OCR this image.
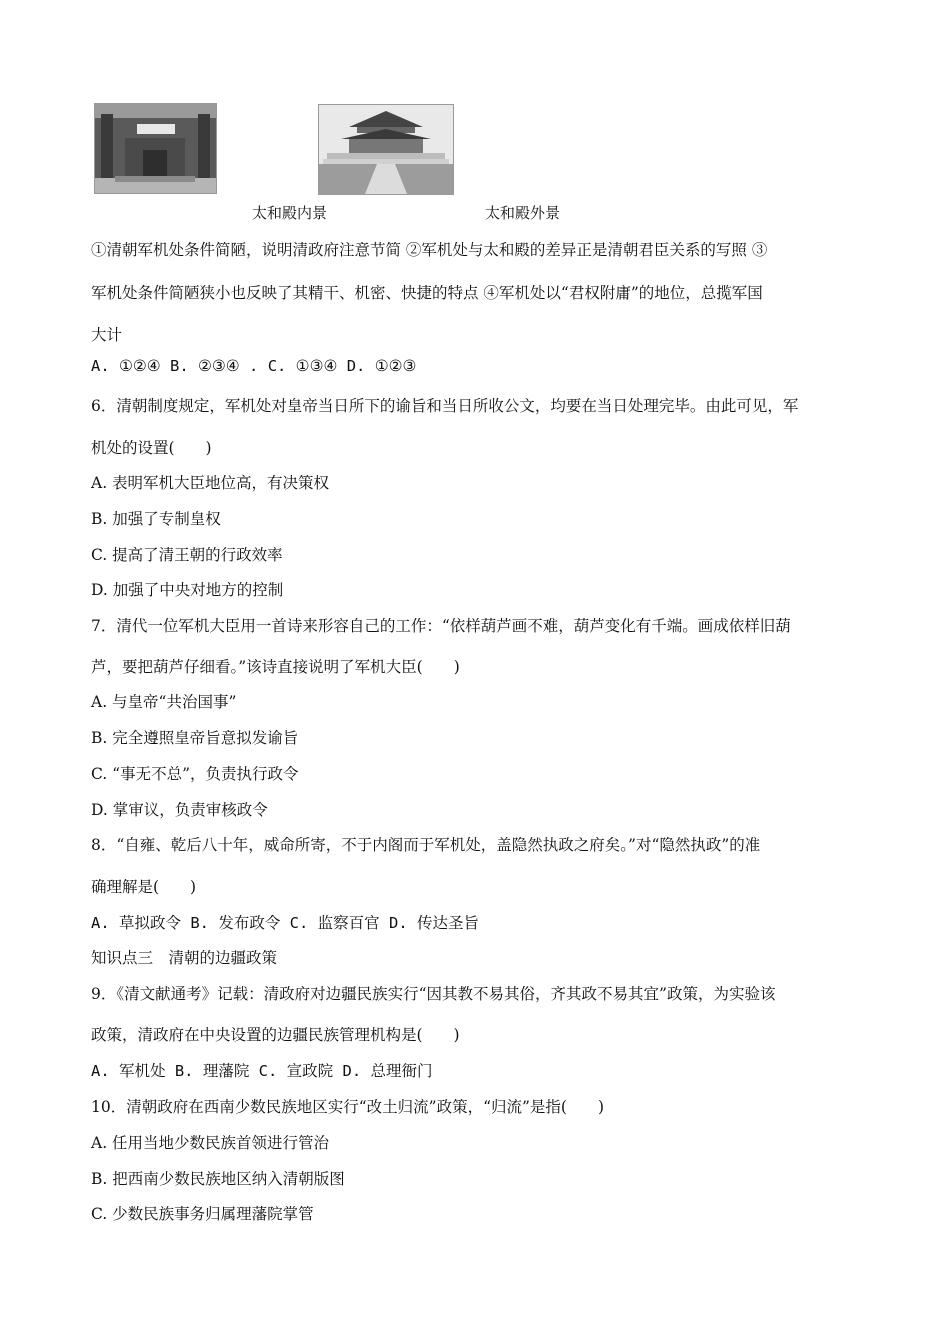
太和殿内景	太和殿外景
①清朝军机处条件简陋，说明清政府注意节简 ②军机处与太和殿的差异正是清朝君臣关系的写照 ③
军机处条件简陋狭小也反映了其精干、机密、快捷的特点 ④军机处以“君权附庸”的地位，总揽军国
大计
A. ①②④ B. ②③④ . C. ①③④ D. ①②③
6．清朝制度规定，军机处对皇帝当日所下的谕旨和当日所收公文，均要在当日处理完毕。由此可见，军
机处的设置(　　)
A. 表明军机大臣地位高，有决策权
B. 加强了专制皇权
C. 提高了清王朝的行政效率
D. 加强了中央对地方的控制
7．清代一位军机大臣用一首诗来形容自己的工作：“依样葫芦画不难，葫芦变化有千端。画成依样旧葫
芦，要把葫芦仔细看。”该诗直接说明了军机大臣(　　)
A. 与皇帝“共治国事”
B. 完全遵照皇帝旨意拟发谕旨
C. “事无不总”，负责执行政令
D. 掌审议，负责审核政令
8．“自雍、乾后八十年，威命所寄，不于内阁而于军机处，盖隐然执政之府矣。”对“隐然执政”的准
确理解是(　　)
A. 草拟政令 B. 发布政令 C. 监察百官 D. 传达圣旨
知识点三　清朝的边疆政策
9．《清文献通考》记载：清政府对边疆民族实行“因其教不易其俗，齐其政不易其宜”政策，为实验该
政策，清政府在中央设置的边疆民族管理机构是(　　)
A. 军机处 B. 理藩院 C. 宣政院 D. 总理衙门
10．清朝政府在西南少数民族地区实行“改土归流”政策，“归流”是指(　　)
A. 任用当地少数民族首领进行管治
B. 把西南少数民族地区纳入清朝版图
C. 少数民族事务归属理藩院掌管
